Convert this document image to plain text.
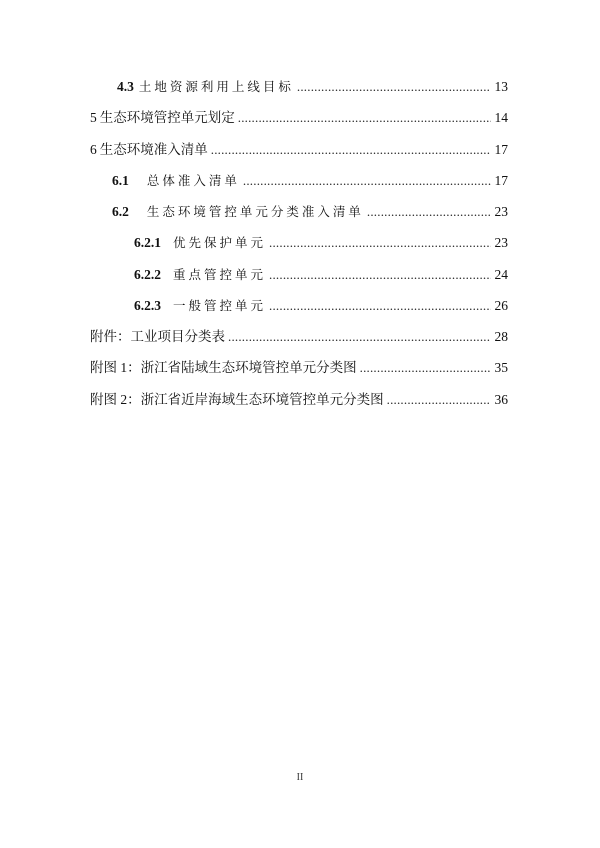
4.3 土地资源利用上线目标 .....	13
5 生态环境管控单元划定 .....	14
6 生态环境准入清单 .....	17
6.1 总体准入清单 .....	17
6.2 生态环境管控单元分类准入清单 .....	23
6.2.1 优先保护单元 .....	23
6.2.2 重点管控单元 .....	24
6.2.3 一般管控单元 .....	26
附件：工业项目分类表 .....	28
附图 1：浙江省陆域生态环境管控单元分类图 .....	35
附图 2：浙江省近岸海域生态环境管控单元分类图 .....	36
II
